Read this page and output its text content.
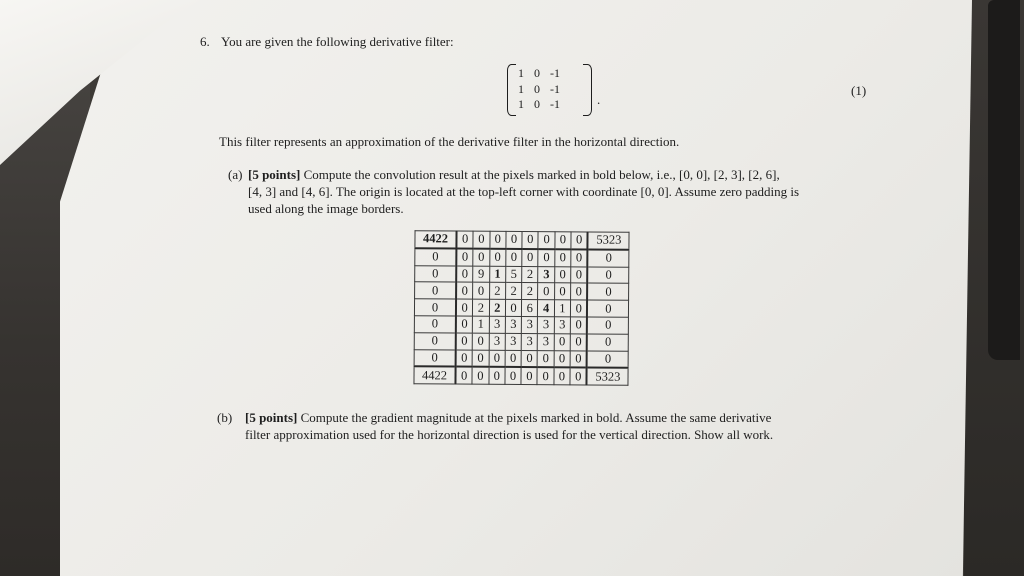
6. You are given the following derivative filter:
1	0	-1
1	0	-1
1	0	-1	.
(1)
This filter represents an approximation of the derivative filter in the horizontal direction.
(a) [5 points] Compute the convolution result at the pixels marked in bold below, i.e., [0, 0], [2, 3], [2, 6],
[4, 3] and [4, 6]. The origin is located at the top-left corner with coordinate [0, 0]. Assume zero padding is
used along the image borders.
4422	0	0	0	0	0	0	0	0	5323
0	0	0	0	0	0	0	0	0	0
0	0	9	1	5	2	3	0	0	0
0	0	0	2	2	2	0	0	0	0
0	0	2	2	0	6	4	1	0	0
0	0	1	3	3	3	3	3	0	0
0	0	0	3	3	3	3	0	0	0
0	0	0	0	0	0	0	0	0	0
4422	0	0	0	0	0	0	0	0	5323
(b) [5 points] Compute the gradient magnitude at the pixels marked in bold. Assume the same derivative
filter approximation used for the horizontal direction is used for the vertical direction. Show all work.
